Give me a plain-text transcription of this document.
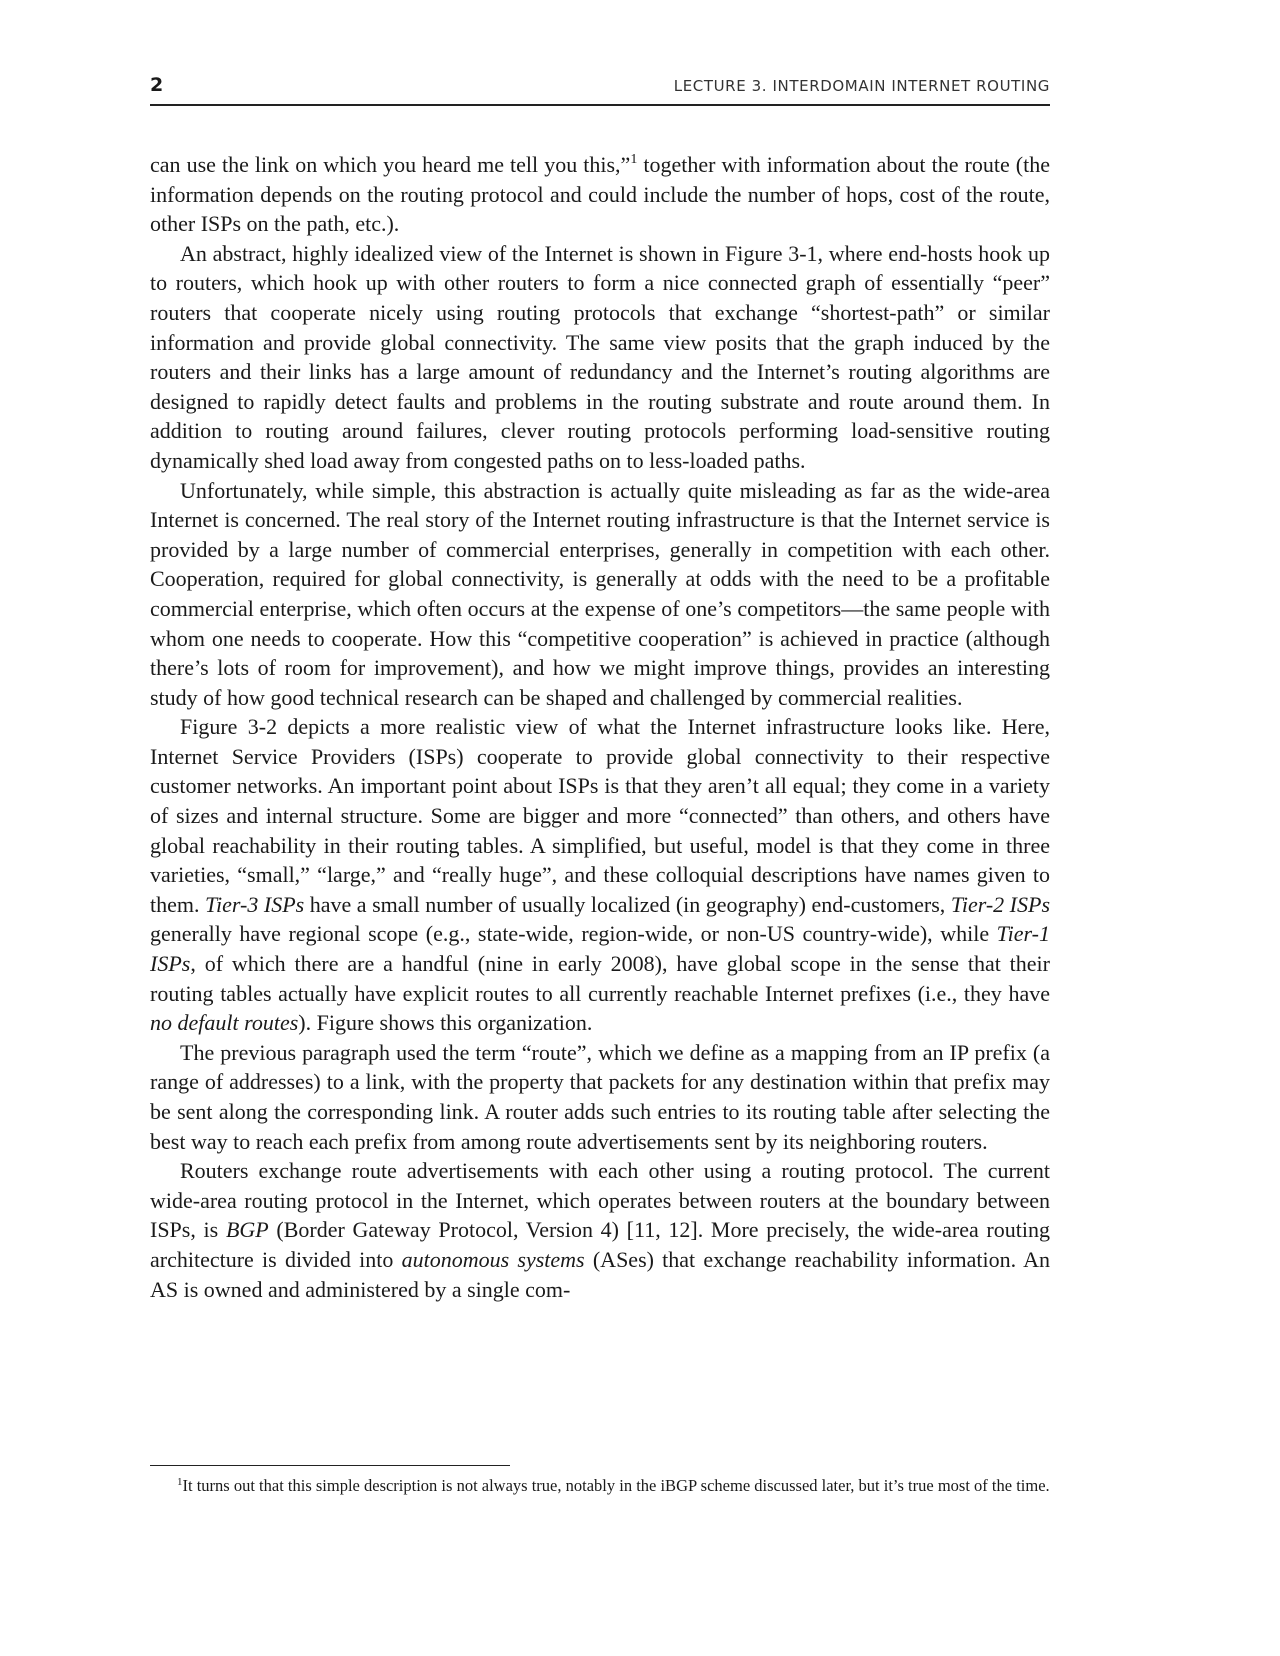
2	LECTURE 3. INTERDOMAIN INTERNET ROUTING

can use the link on which you heard me tell you this,”$^1$ together with information about the route (the information depends on the routing protocol and could include the number of hops, cost of the route, other ISPs on the path, etc.).

An abstract, highly idealized view of the Internet is shown in Figure 3-1, where end-hosts hook up to routers, which hook up with other routers to form a nice connected graph of essentially “peer” routers that cooperate nicely using routing protocols that exchange “shortest-path” or similar information and provide global connectivity. The same view posits that the graph induced by the routers and their links has a large amount of redundancy and the Internet’s routing algorithms are designed to rapidly detect faults and problems in the routing substrate and route around them. In addition to routing around failures, clever routing protocols performing load-sensitive routing dynamically shed load away from congested paths on to less-loaded paths.

Unfortunately, while simple, this abstraction is actually quite misleading as far as the wide-area Internet is concerned. The real story of the Internet routing infrastructure is that the Internet service is provided by a large number of commercial enterprises, generally in competition with each other. Cooperation, required for global connectivity, is generally at odds with the need to be a profitable commercial enterprise, which often occurs at the expense of one’s competitors—the same people with whom one needs to cooperate. How this “competitive cooperation” is achieved in practice (although there’s lots of room for improvement), and how we might improve things, provides an interesting study of how good technical research can be shaped and challenged by commercial realities.

Figure 3-2 depicts a more realistic view of what the Internet infrastructure looks like. Here, Internet Service Providers (ISPs) cooperate to provide global connectivity to their respective customer networks. An important point about ISPs is that they aren’t all equal; they come in a variety of sizes and internal structure. Some are bigger and more “connected” than others, and others have global reachability in their routing tables. A simplified, but useful, model is that they come in three varieties, “small,” “large,” and “really huge”, and these colloquial descriptions have names given to them. Tier-3 ISPs have a small number of usually localized (in geography) end-customers, Tier-2 ISPs generally have regional scope (e.g., state-wide, region-wide, or non-US country-wide), while Tier-1 ISPs, of which there are a handful (nine in early 2008), have global scope in the sense that their routing tables actually have explicit routes to all currently reachable Internet prefixes (i.e., they have no default routes). Figure shows this organization.

The previous paragraph used the term “route”, which we define as a mapping from an IP prefix (a range of addresses) to a link, with the property that packets for any destination within that prefix may be sent along the corresponding link. A router adds such entries to its routing table after selecting the best way to reach each prefix from among route advertisements sent by its neighboring routers.

Routers exchange route advertisements with each other using a routing protocol. The current wide-area routing protocol in the Internet, which operates between routers at the boundary between ISPs, is BGP (Border Gateway Protocol, Version 4) [11, 12]. More precisely, the wide-area routing architecture is divided into autonomous systems (ASes) that exchange reachability information. An AS is owned and administered by a single com-

$^1$It turns out that this simple description is not always true, notably in the iBGP scheme discussed later, but it’s true most of the time.
